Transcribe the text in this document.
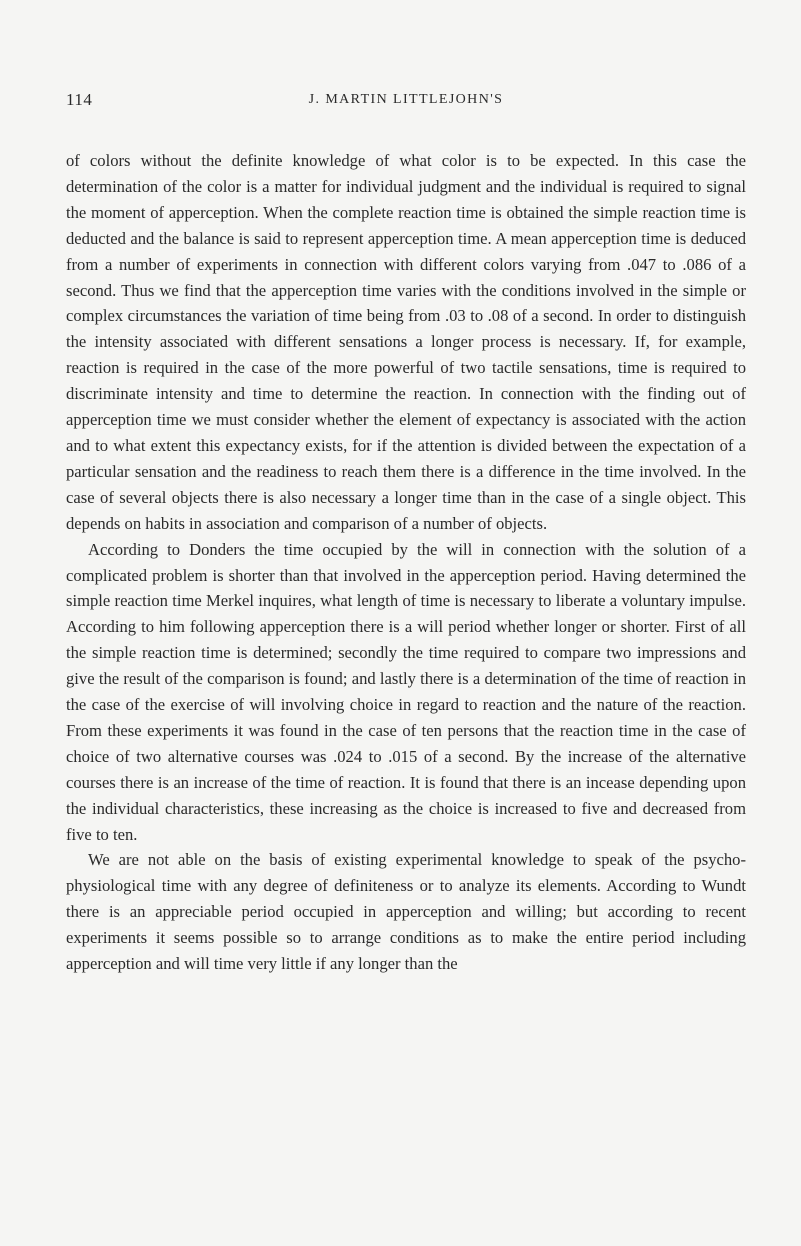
114	J. MARTIN LITTLEJOHN'S

of colors without the definite knowledge of what color is to be expected. In this case the determination of the color is a matter for individual judgment and the individual is required to signal the moment of apperception. When the complete reaction time is obtained the simple reaction time is deducted and the balance is said to represent apperception time. A mean apperception time is deduced from a number of experiments in connection with different colors varying from .047 to .086 of a second. Thus we find that the apperception time varies with the conditions involved in the simple or complex circumstances the variation of time being from .03 to .08 of a second. In order to distinguish the intensity associated with different sensations a longer process is necessary. If, for example, reaction is required in the case of the more powerful of two tactile sensations, time is required to discriminate intensity and time to determine the reaction. In connection with the finding out of apperception time we must consider whether the element of expectancy is associated with the action and to what extent this expectancy exists, for if the attention is divided between the expectation of a particular sensation and the readiness to reach them there is a difference in the time involved. In the case of several objects there is also necessary a longer time than in the case of a single object. This depends on habits in association and comparison of a number of objects.

According to Donders the time occupied by the will in connection with the solution of a complicated problem is shorter than that involved in the apperception period. Having determined the simple reaction time Merkel inquires, what length of time is necessary to liberate a voluntary impulse. According to him following apperception there is a will period whether longer or shorter. First of all the simple reaction time is determined; secondly the time required to compare two impressions and give the result of the comparison is found; and lastly there is a determination of the time of reaction in the case of the exercise of will involving choice in regard to reaction and the nature of the reaction. From these experiments it was found in the case of ten persons that the reaction time in the case of choice of two alternative courses was .024 to .015 of a second. By the increase of the alternative courses there is an increase of the time of reaction. It is found that there is an incease depending upon the individual characteristics, these increasing as the choice is increased to five and decreased from five to ten.

We are not able on the basis of existing experimental knowledge to speak of the psycho-physiological time with any degree of definiteness or to analyze its elements. According to Wundt there is an appreciable period occupied in apperception and willing; but according to recent experiments it seems possible so to arrange conditions as to make the entire period including apperception and will time very little if any longer than the
